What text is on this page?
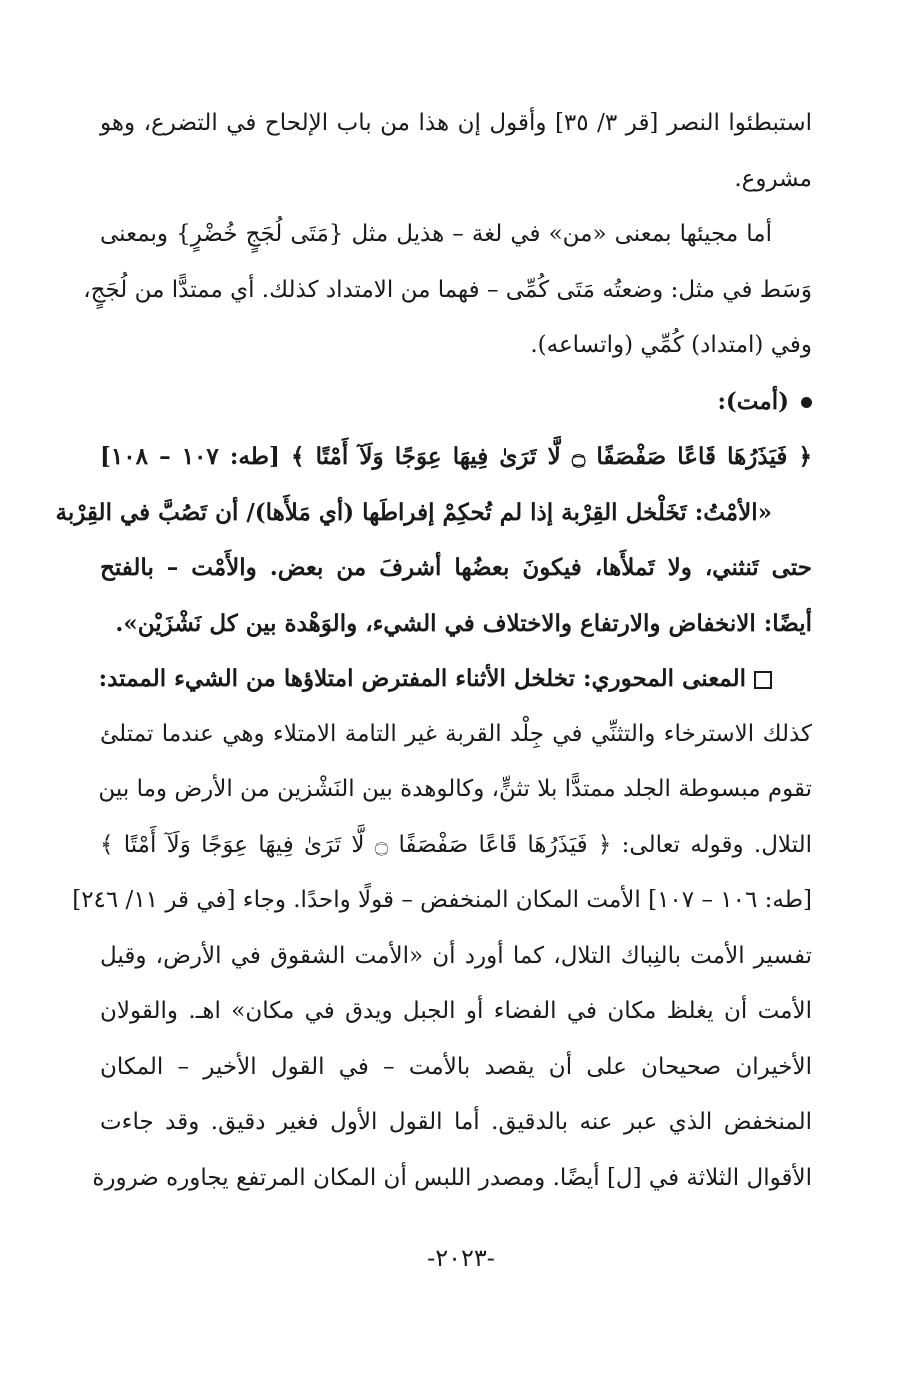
استبطئوا النصر [قر ٣/ ٣٥] وأقول إن هذا من باب الإلحاح في التضرع، وهو
مشروع.
أما مجيئها بمعنى «من» في لغة – هذيل مثل {مَتَى لُجَجٍ خُضْرٍ} وبمعنى
وَسَط في مثل: وضعتُه مَتَى كُمِّى – فهما من الامتداد كذلك. أي ممتدًّا من لُجَجٍ،
وفي (امتداد) كُمِّي (واتساعه).
(أمت):
﴿ فَيَذَرُهَا قَاعًا صَفْصَفًا ۝ لَّا تَرَىٰ فِيهَا عِوَجًا وَلَآ أَمْتًا ﴾ [طه: ١٠٧ – ١٠٨]
«الأمْتُ: تَخَلْخل القِرْبة إذا لم تُحكِمْ إفراطَها (أي مَلأَها)/ أن تَصُبَّ في القِرْبة
حتى تَنثني، ولا تَملأَها، فيكونَ بعضُها أشرفَ من بعض. والأَمْت – بالفتح
أيضًا: الانخفاض والارتفاع والاختلاف في الشيء، والوَهْدة بين كل نَشْزَيْن».
المعنى المحوري: تخلخل الأثناء المفترض امتلاؤها من الشيء الممتد:
كذلك الاسترخاء والتثنِّي في جِلْد القربة غير التامة الامتلاء وهي عندما تمتلئ
تقوم مبسوطة الجلد ممتدًّا بلا تثنٍّ، وكالوهدة بين النَشْزين من الأرض وما بين
التلال. وقوله تعالى: ﴿ فَيَذَرُهَا قَاعًا صَفْصَفًا ۝ لَّا تَرَىٰ فِيهَا عِوَجًا وَلَآ أَمْتًا ﴾
[طه: ١٠٦ – ١٠٧] الأمت المكان المنخفض – قولًا واحدًا. وجاء [في قر ١١/ ٢٤٦]
تفسير الأمت بالنِباك التلال، كما أورد أن «الأمت الشقوق في الأرض، وقيل
الأمت أن يغلظ مكان في الفضاء أو الجبل ويدق في مكان» اهـ. والقولان
الأخيران صحيحان على أن يقصد بالأمت – في القول الأخير – المكان
المنخفض الذي عبر عنه بالدقيق. أما القول الأول فغير دقيق. وقد جاءت
الأقوال الثلاثة في [ل] أيضًا. ومصدر اللبس أن المكان المرتفع يجاوره ضرورة
-٢٠٢٣-
